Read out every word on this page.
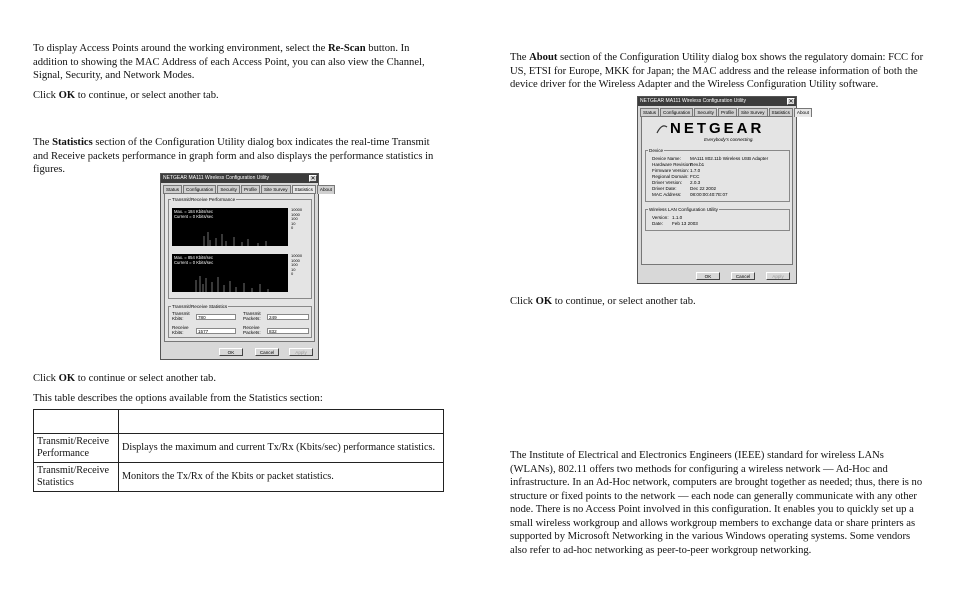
To display Access Points around the working environment, select the Re-Scan button. In addition to showing the MAC Address of each Access Point, you can also view the Channel, Signal, Security, and Network Modes.

Click OK to continue, or select another tab.

The Statistics section of the Configuration Utility dialog box indicates the real-time Transmit and Receive packets performance in graph form and also displays the performance statistics in figures.

NETGEAR MA111 Wireless Configuration Utility	✕
Status	Configuration	Security	Profile	Site Survey	Statistics	About
Transmit/Receive Performance
Max. = 184 Kbits/sec
Current = 0 Kbits/sec
10000
1000
100
10
0
Max. = 854 Kbits/sec
Current = 0 Kbits/sec
10000
1000
100
10
0
Transmit/Receive Statistics
Transmit Kbits:	780
Transmit Packets:	249
Receive Kbits:	1577
Receive Packets:	832
OK	Cancel	Apply

Click OK to continue or select another tab.

This table describes the options available from the Statistics section:

Transmit/Receive Performance	Displays the maximum and current Tx/Rx (Kbits/sec) performance statistics.
Transmit/Receive Statistics	Monitors the Tx/Rx of the Kbits or packet statistics.

The About section of the Configuration Utility dialog box shows the regulatory domain: FCC for US, ETSI for Europe, MKK for Japan; the MAC address and the release information of both the device driver for the Wireless Adapter and the Wireless Configuration Utility software.

NETGEAR MA111 Wireless Configuration Utility	✕
Status	Configuration	Security	Profile	Site Survey	Statistics	About
NETGEAR
Everybody's connecting.
Device
Device Name: MA111 802.11b Wireless USB Adapter
Hardware Revision:Rev.b1
Firmware Version:1.7.0
Regional Domain:FCC
Driver Version: 2.0.3
Driver Date:	Dec 22 2002
MAC Address: 08:00:00:40:7E:07
Wireless LAN Configuration Utility
Version: 1.1.0
Date: Feb 13 2003
OK	Cancel	Apply

Click OK to continue, or select another tab.

The Institute of Electrical and Electronics Engineers (IEEE) standard for wireless LANs (WLANs), 802.11 offers two methods for configuring a wireless network — Ad-Hoc and infrastructure. In an Ad-Hoc network, computers are brought together as needed; thus, there is no structure or fixed points to the network — each node can generally communicate with any other node. There is no Access Point involved in this configuration. It enables you to quickly set up a small wireless workgroup and allows workgroup members to exchange data or share printers as supported by Microsoft Networking in the various Windows operating systems. Some vendors also refer to ad-hoc networking as peer-to-peer workgroup networking.
